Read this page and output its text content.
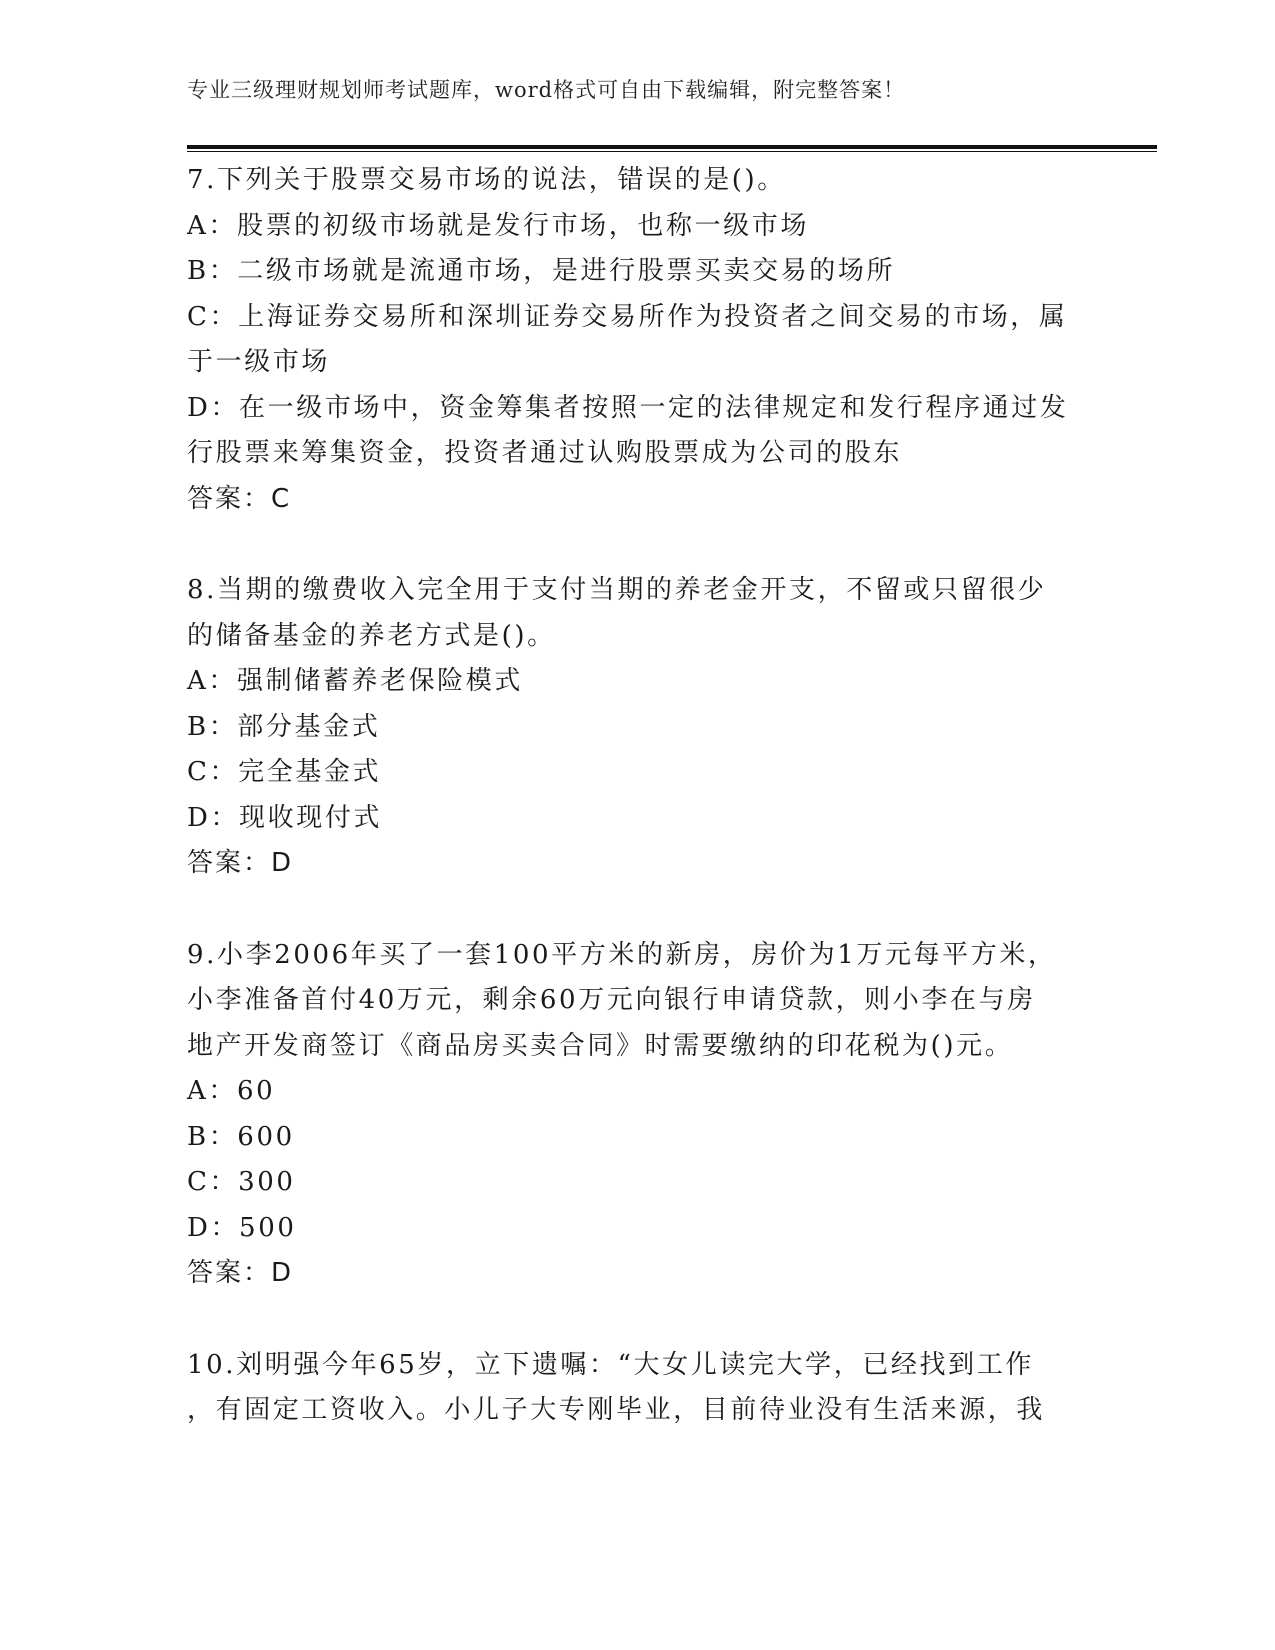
专业三级理财规划师考试题库，word格式可自由下载编辑，附完整答案！
7.下列关于股票交易市场的说法，错误的是()。
A：股票的初级市场就是发行市场，也称一级市场
B：二级市场就是流通市场，是进行股票买卖交易的场所
C：上海证券交易所和深圳证券交易所作为投资者之间交易的市场，属
于一级市场
D：在一级市场中，资金筹集者按照一定的法律规定和发行程序通过发
行股票来筹集资金，投资者通过认购股票成为公司的股东
答案：C
8.当期的缴费收入完全用于支付当期的养老金开支，不留或只留很少
的储备基金的养老方式是()。
A：强制储蓄养老保险模式
B：部分基金式
C：完全基金式
D：现收现付式
答案：D
9.小李2006年买了一套100平方米的新房，房价为1万元每平方米，
小李准备首付40万元，剩余60万元向银行申请贷款，则小李在与房
地产开发商签订《商品房买卖合同》时需要缴纳的印花税为()元。
A：60
B：600
C：300
D：500
答案：D
10.刘明强今年65岁，立下遗嘱：“大女儿读完大学，已经找到工作
，有固定工资收入。小儿子大专刚毕业，目前待业没有生活来源，我
